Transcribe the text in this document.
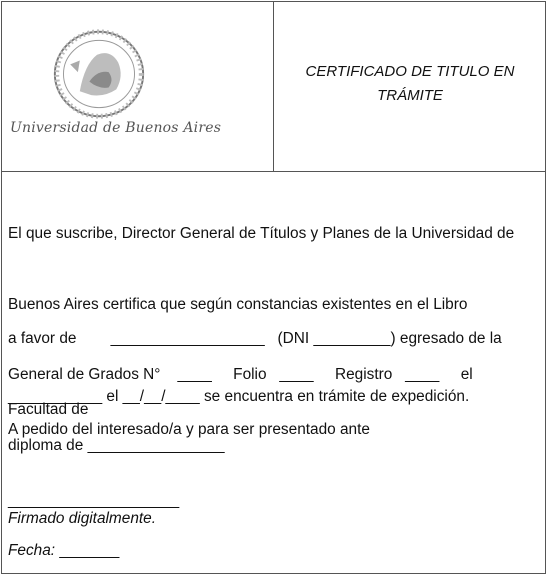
Universidad de Buenos Aires
CERTIFICADO DE TITULO EN
TRÁMITE

El que suscribe, Director General de Títulos y Planes de la Universidad de

Buenos Aires certifica que según constancias existentes en el Libro

General de Grados N°    ____     Folio   ____     Registro   ____     el

diploma de ________________

a favor de        __________________   (DNI _________) egresado de la

Facultad de

___________ el __/__/____ se encuentra en trámite de expedición.

A pedido del interesado/a y para ser presentado ante

____________________

Firmado digitalmente.
Fecha: _______
